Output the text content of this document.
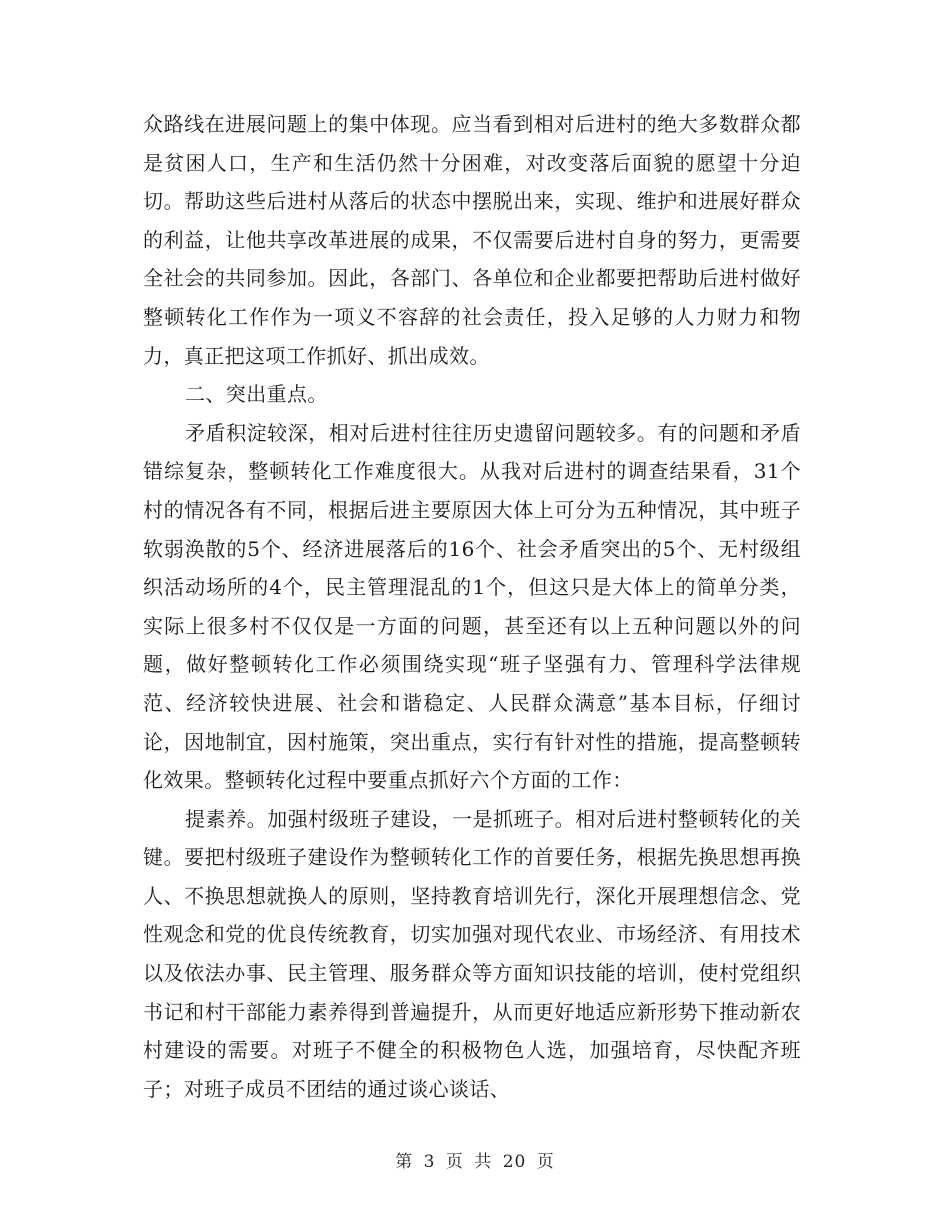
众路线在进展问题上的集中体现。应当看到相对后进村的绝大多数群众都是贫困人口，生产和生活仍然十分困难，对改变落后面貌的愿望十分迫切。帮助这些后进村从落后的状态中摆脱出来，实现、维护和进展好群众的利益，让他共享改革进展的成果，不仅需要后进村自身的努力，更需要全社会的共同参加。因此，各部门、各单位和企业都要把帮助后进村做好整顿转化工作作为一项义不容辞的社会责任，投入足够的人力财力和物力，真正把这项工作抓好、抓出成效。

二、突出重点。

矛盾积淀较深，相对后进村往往历史遗留问题较多。有的问题和矛盾错综复杂，整顿转化工作难度很大。从我对后进村的调查结果看，31个村的情况各有不同，根据后进主要原因大体上可分为五种情况，其中班子软弱涣散的5个、经济进展落后的16个、社会矛盾突出的5个、无村级组织活动场所的4个，民主管理混乱的1个，但这只是大体上的简单分类，实际上很多村不仅仅是一方面的问题，甚至还有以上五种问题以外的问题，做好整顿转化工作必须围绕实现“班子坚强有力、管理科学法律规范、经济较快进展、社会和谐稳定、人民群众满意”基本目标，仔细讨论，因地制宜，因村施策，突出重点，实行有针对性的措施，提高整顿转化效果。整顿转化过程中要重点抓好六个方面的工作：

提素养。加强村级班子建设，一是抓班子。相对后进村整顿转化的关键。要把村级班子建设作为整顿转化工作的首要任务，根据先换思想再换人、不换思想就换人的原则，坚持教育培训先行，深化开展理想信念、党性观念和党的优良传统教育，切实加强对现代农业、市场经济、有用技术以及依法办事、民主管理、服务群众等方面知识技能的培训，使村党组织书记和村干部能力素养得到普遍提升，从而更好地适应新形势下推动新农村建设的需要。对班子不健全的积极物色人选，加强培育，尽快配齐班子；对班子成员不团结的通过谈心谈话、

第 3 页 共 20 页
